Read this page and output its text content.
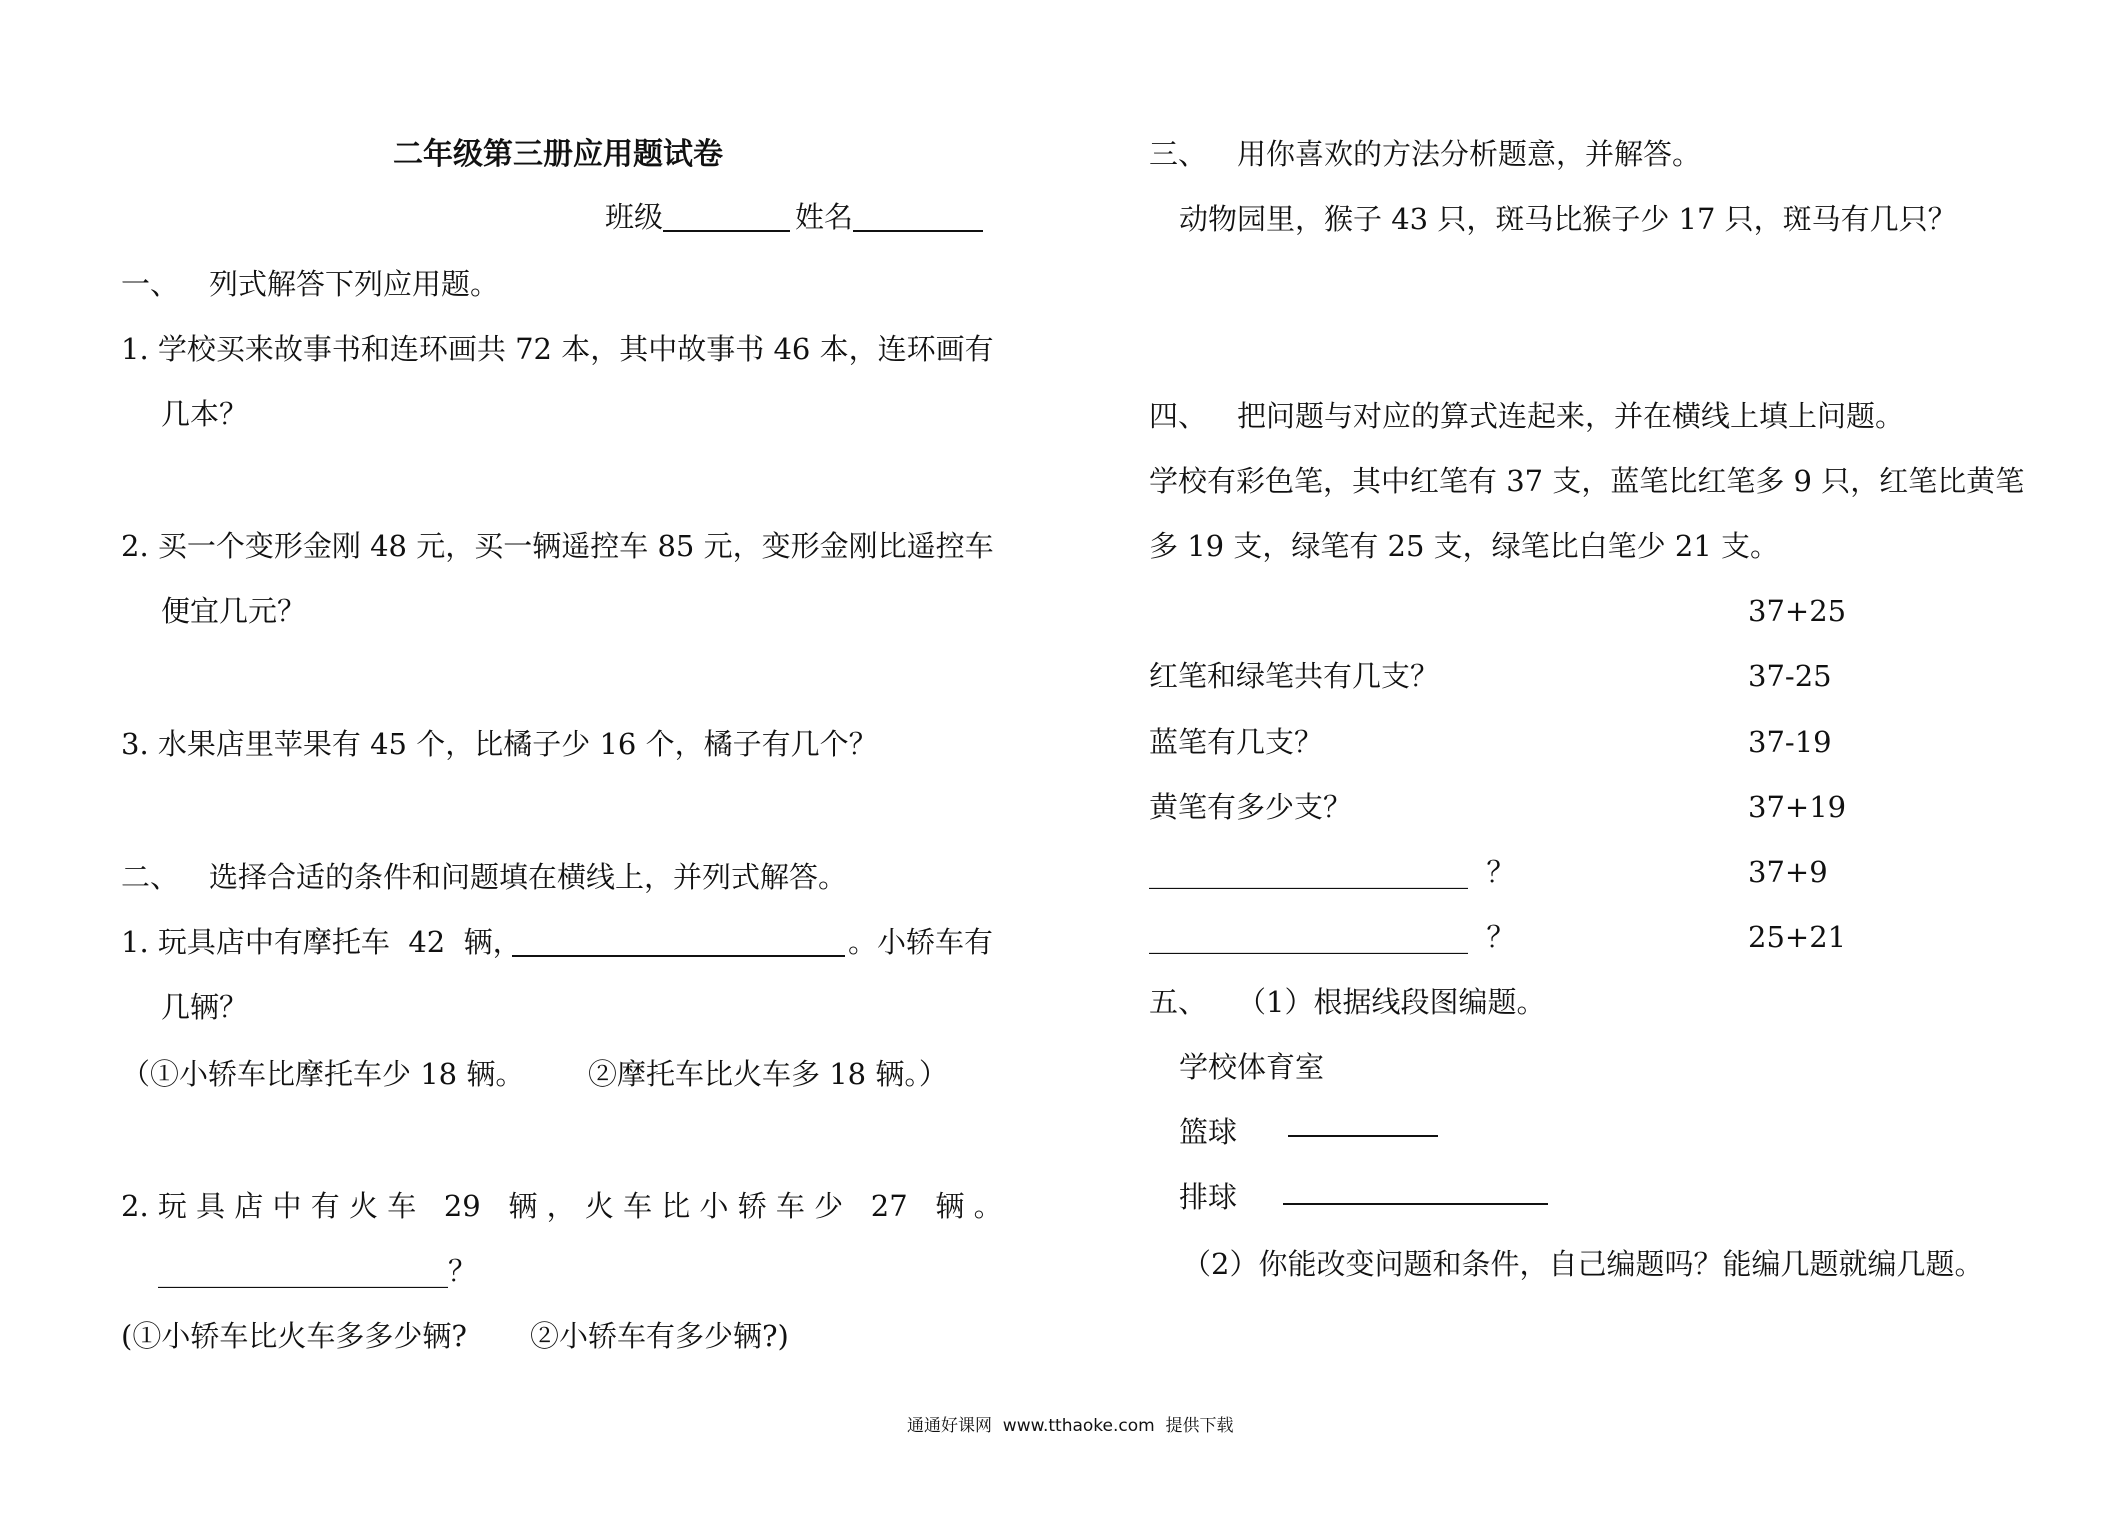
二年级第三册应用题试卷
班级	姓名
一、 列式解答下列应用题。
1. 学校买来故事书和连环画共 72 本，其中故事书 46 本，连环画有
几本？
2. 买一个变形金刚 48 元，买一辆遥控车 85 元，变形金刚比遥控车
便宜几元？
3. 水果店里苹果有 45 个，比橘子少 16 个，橘子有几个？
二、 选择合适的条件和问题填在横线上，并列式解答。
1. 玩具店中有摩托车  42  辆，	。小轿车有
几辆？
（①小轿车比摩托车少 18 辆。 ②摩托车比火车多 18 辆。）
2. 玩 具 店 中 有 火 车   29   辆 ， 火 车 比 小 轿 车 少   27   辆 。
____________________？
(①小轿车比火车多多少辆? ②小轿车有多少辆?)
三、 用你喜欢的方法分析题意，并解答。
动物园里，猴子 43 只，斑马比猴子少 17 只，斑马有几只？
四、 把问题与对应的算式连起来，并在横线上填上问题。
学校有彩色笔，其中红笔有 37 支，蓝笔比红笔多 9 只，红笔比黄笔
多 19 支，绿笔有 25 支，绿笔比白笔少 21 支。
红笔和绿笔共有几支？
蓝笔有几支？
黄笔有多少支？
______________________  ？
______________________  ？
37+25
37-25
37-19
37+19
37+9
25+21
五、 （1）根据线段图编题。
学校体育室
篮球
排球
（2）你能改变问题和条件，自己编题吗？能编几题就编几题。
通通好课网  www.tthaoke.com  提供下载
